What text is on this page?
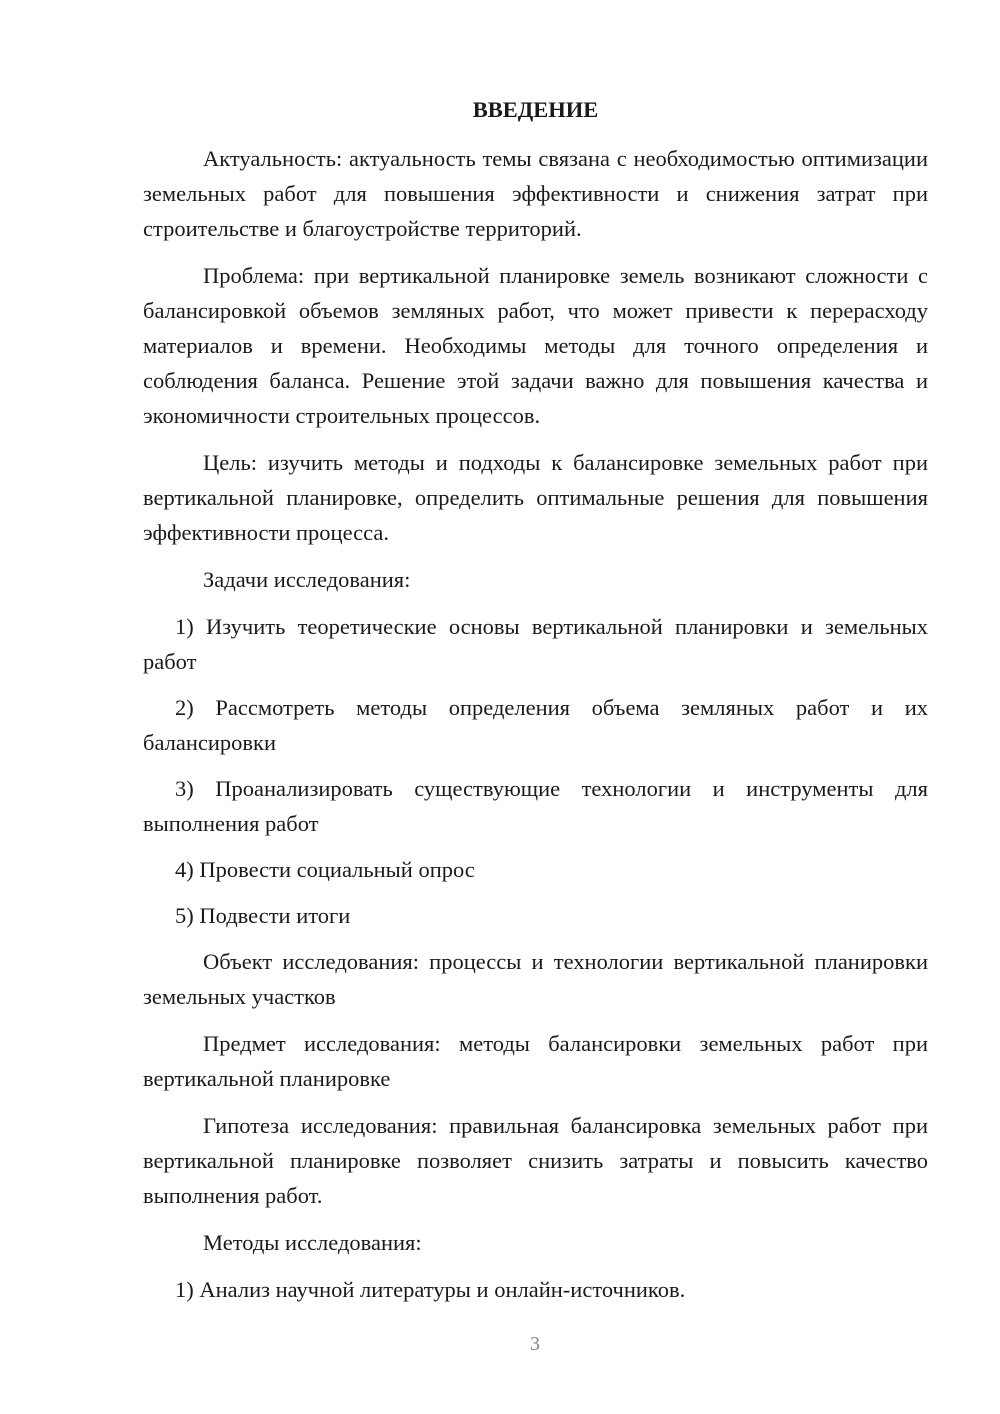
ВВЕДЕНИЕ

Актуальность: актуальность темы связана с необходимостью оптимизации земельных работ для повышения эффективности и снижения затрат при строительстве и благоустройстве территорий.

Проблема: при вертикальной планировке земель возникают сложности с балансировкой объемов земляных работ, что может привести к перерасходу материалов и времени. Необходимы методы для точного определения и соблюдения баланса. Решение этой задачи важно для повышения качества и экономичности строительных процессов.

Цель: изучить методы и подходы к балансировке земельных работ при вертикальной планировке, определить оптимальные решения для повышения эффективности процесса.

Задачи исследования:

1) Изучить теоретические основы вертикальной планировки и земельных работ

2) Рассмотреть методы определения объема земляных работ и их балансировки

3) Проанализировать существующие технологии и инструменты для выполнения работ

4) Провести социальный опрос

5) Подвести итоги

Объект исследования: процессы и технологии вертикальной планировки земельных участков

Предмет исследования: методы балансировки земельных работ при вертикальной планировке

Гипотеза исследования: правильная балансировка земельных работ при вертикальной планировке позволяет снизить затраты и повысить качество выполнения работ.

Методы исследования:

1) Анализ научной литературы и онлайн-источников.

3
